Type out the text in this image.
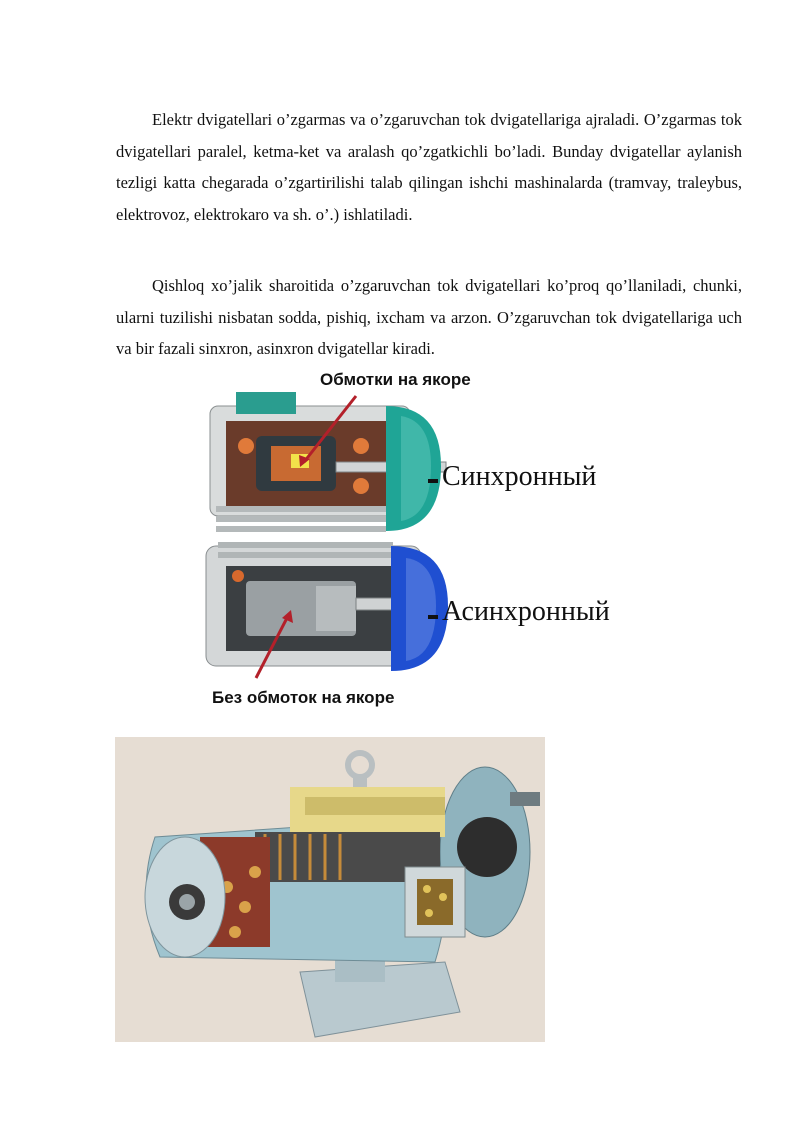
Elektr dvigatellari o’zgarmas va o’zgaruvchan tok dvigatellariga ajraladi. O’zgarmas tok dvigatellari paralel, ketma-ket va aralash qo’zgatkichli bo’ladi. Bunday dvigatellar aylanish tezligi katta chegarada o’zgartirilishi talab qilingan ishchi mashinalarda (tramvay, traleybus, elektrovoz, elektrokaro va sh. o’.) ishlatiladi.

Qishloq xo’jalik sharoitida o’zgaruvchan tok dvigatellari ko’proq qo’llaniladi, chunki, ularni tuzilishi nisbatan sodda, pishiq, ixcham va arzon. O’zgaruvchan tok dvigatellariga uch va bir fazali sinxron, asinxron dvigatellar kiradi.

Обмотки на якоре
Синхронный
Асинхронный
Без обмоток на якоре
